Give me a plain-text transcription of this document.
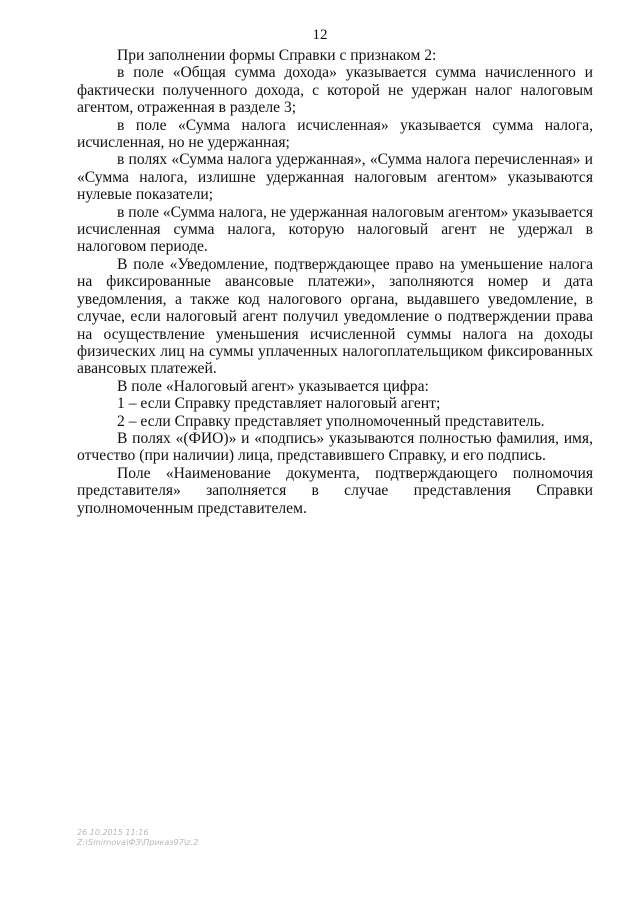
12

При заполнении формы Справки с признаком 2:

в поле «Общая сумма дохода» указывается сумма начисленного и фактически полученного дохода, с которой не удержан налог налоговым агентом, отраженная в разделе 3;

в поле «Сумма налога исчисленная» указывается сумма налога, исчисленная, но не удержанная;

в полях «Сумма налога удержанная», «Сумма налога перечисленная» и «Сумма налога, излишне удержанная налоговым агентом» указываются нулевые показатели;

в поле «Сумма налога, не удержанная налоговым агентом» указывается исчисленная сумма налога, которую налоговый агент не удержал в налоговом периоде.

В поле «Уведомление, подтверждающее право на уменьшение налога на фиксированные авансовые платежи», заполняются номер и дата уведомления, а также код налогового органа, выдавшего уведомление, в случае, если налоговый агент получил уведомление о подтверждении права на осуществление уменьшения исчисленной суммы налога на доходы физических лиц на суммы уплаченных налогоплательщиком фиксированных авансовых платежей.

В поле «Налоговый агент» указывается цифра:

1 – если Справку представляет налоговый агент;

2 – если Справку представляет уполномоченный представитель.

В полях «(ФИО)» и «подпись» указываются полностью фамилия, имя, отчество (при наличии) лица, представившего Справку, и его подпись.

Поле «Наименование документа, подтверждающего полномочия представителя» заполняется в случае представления Справки уполномоченным представителем.

26.10.2015 11:16
Z:\Smirnova\ФЗ\Приказ97\z.2
